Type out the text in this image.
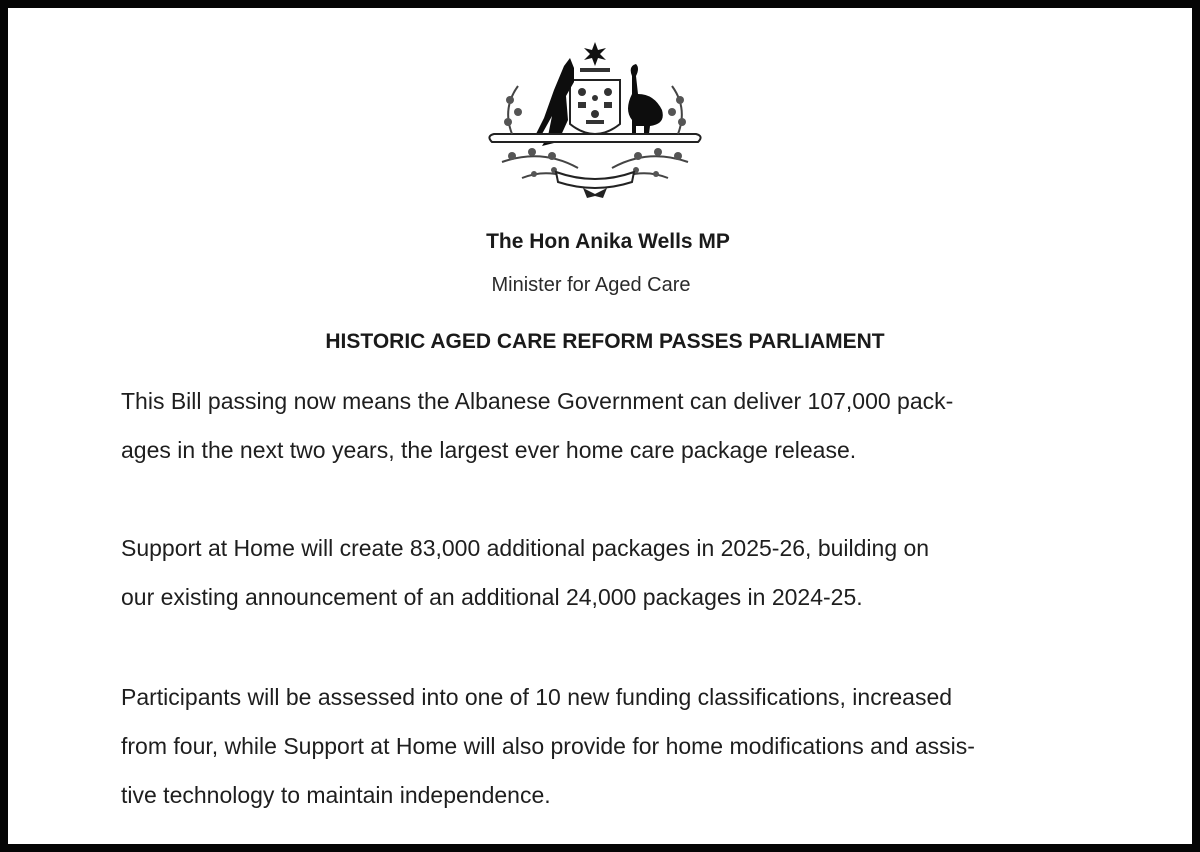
The Hon Anika Wells MP
Minister for Aged Care
HISTORIC AGED CARE REFORM PASSES PARLIAMENT
This Bill passing now means the Albanese Government can deliver 107,000 pack-
ages in the next two years, the largest ever home care package release.
Support at Home will create 83,000 additional packages in 2025-26, building on
our existing announcement of an additional 24,000 packages in 2024-25.
Participants will be assessed into one of 10 new funding classifications, increased
from four, while Support at Home will also provide for home modifications and assis-
tive technology to maintain independence.
